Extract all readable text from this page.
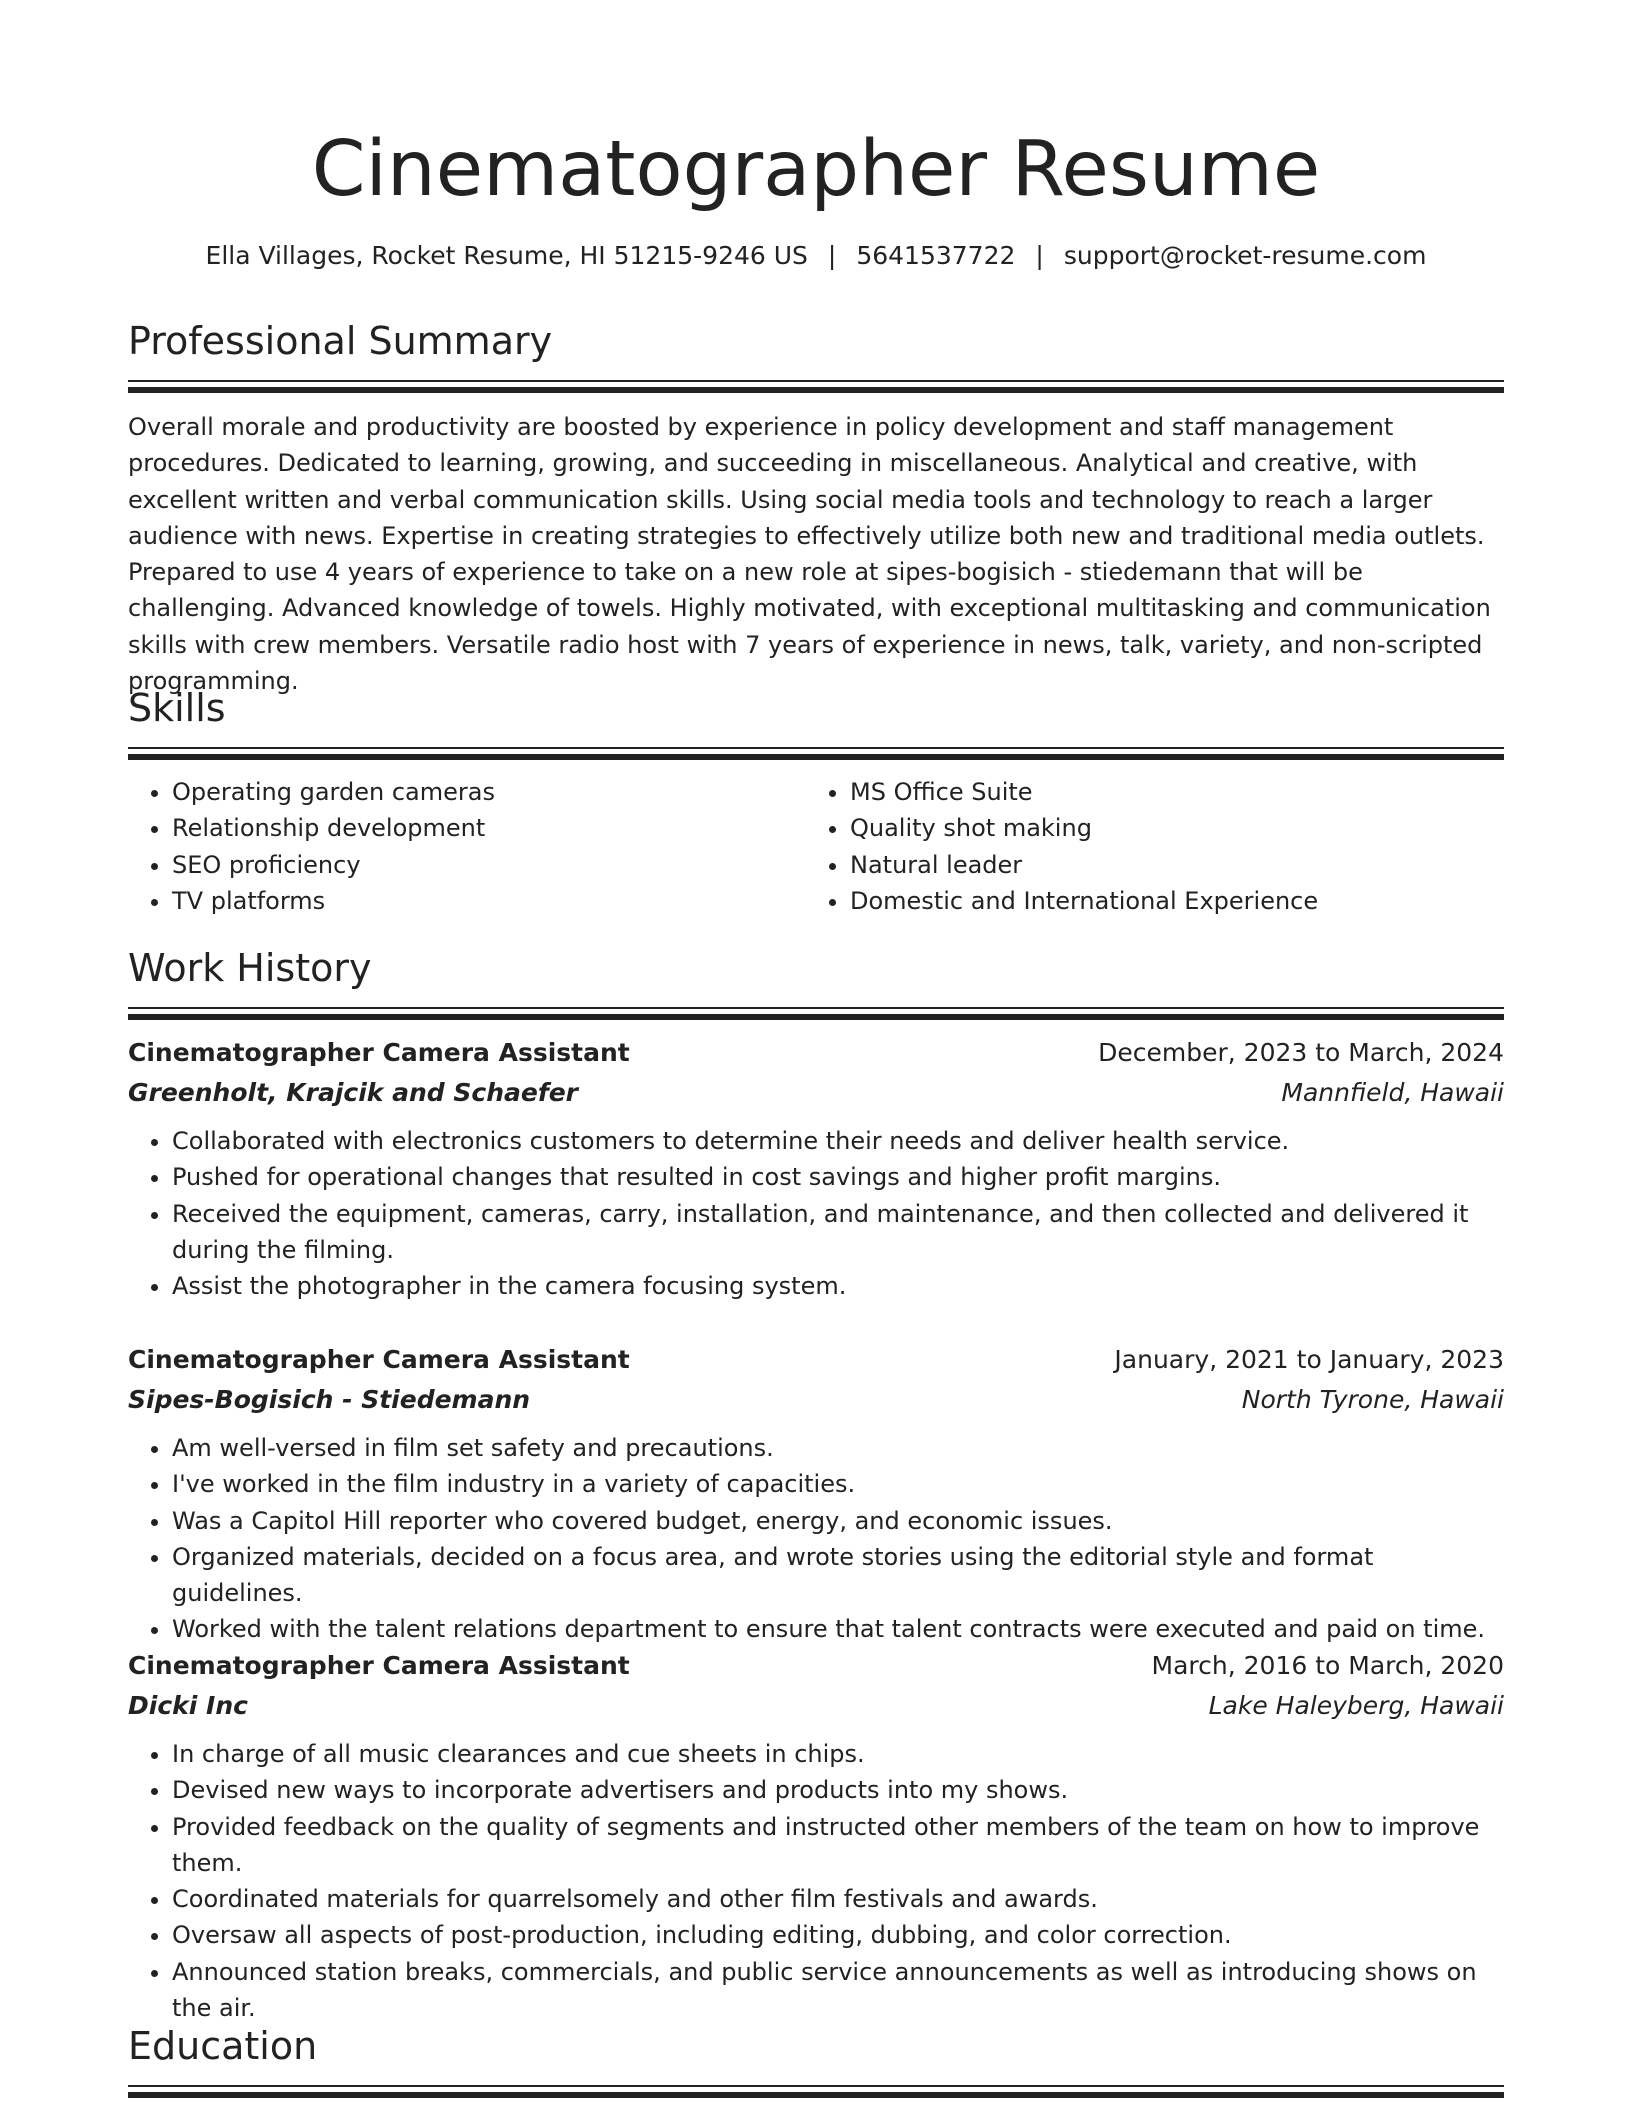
Cinematographer Resume
Ella Villages, Rocket Resume, HI 51215-9246 US | 5641537722 | support@rocket-resume.com
Professional Summary
Overall morale and productivity are boosted by experience in policy development and staff management procedures. Dedicated to learning, growing, and succeeding in miscellaneous. Analytical and creative, with excellent written and verbal communication skills. Using social media tools and technology to reach a larger audience with news. Expertise in creating strategies to effectively utilize both new and traditional media outlets. Prepared to use 4 years of experience to take on a new role at sipes-bogisich - stiedemann that will be challenging. Advanced knowledge of towels. Highly motivated, with exceptional multitasking and communication skills with crew members. Versatile radio host with 7 years of experience in news, talk, variety, and non-scripted programming.
Skills
• Operating garden cameras
• Relationship development
• SEO proficiency
• TV platforms
• MS Office Suite
• Quality shot making
• Natural leader
• Domestic and International Experience
Work History
Cinematographer Camera Assistant	December, 2023 to March, 2024
Greenholt, Krajcik and Schaefer	Mannfield, Hawaii
• Collaborated with electronics customers to determine their needs and deliver health service.
• Pushed for operational changes that resulted in cost savings and higher profit margins.
• Received the equipment, cameras, carry, installation, and maintenance, and then collected and delivered it during the filming.
• Assist the photographer in the camera focusing system.
Cinematographer Camera Assistant	January, 2021 to January, 2023
Sipes-Bogisich - Stiedemann	North Tyrone, Hawaii
• Am well-versed in film set safety and precautions.
• I've worked in the film industry in a variety of capacities.
• Was a Capitol Hill reporter who covered budget, energy, and economic issues.
• Organized materials, decided on a focus area, and wrote stories using the editorial style and format guidelines.
• Worked with the talent relations department to ensure that talent contracts were executed and paid on time.
Cinematographer Camera Assistant	March, 2016 to March, 2020
Dicki Inc	Lake Haleyberg, Hawaii
• In charge of all music clearances and cue sheets in chips.
• Devised new ways to incorporate advertisers and products into my shows.
• Provided feedback on the quality of segments and instructed other members of the team on how to improve them.
• Coordinated materials for quarrelsomely and other film festivals and awards.
• Oversaw all aspects of post-production, including editing, dubbing, and color correction.
• Announced station breaks, commercials, and public service announcements as well as introducing shows on the air.
Education
